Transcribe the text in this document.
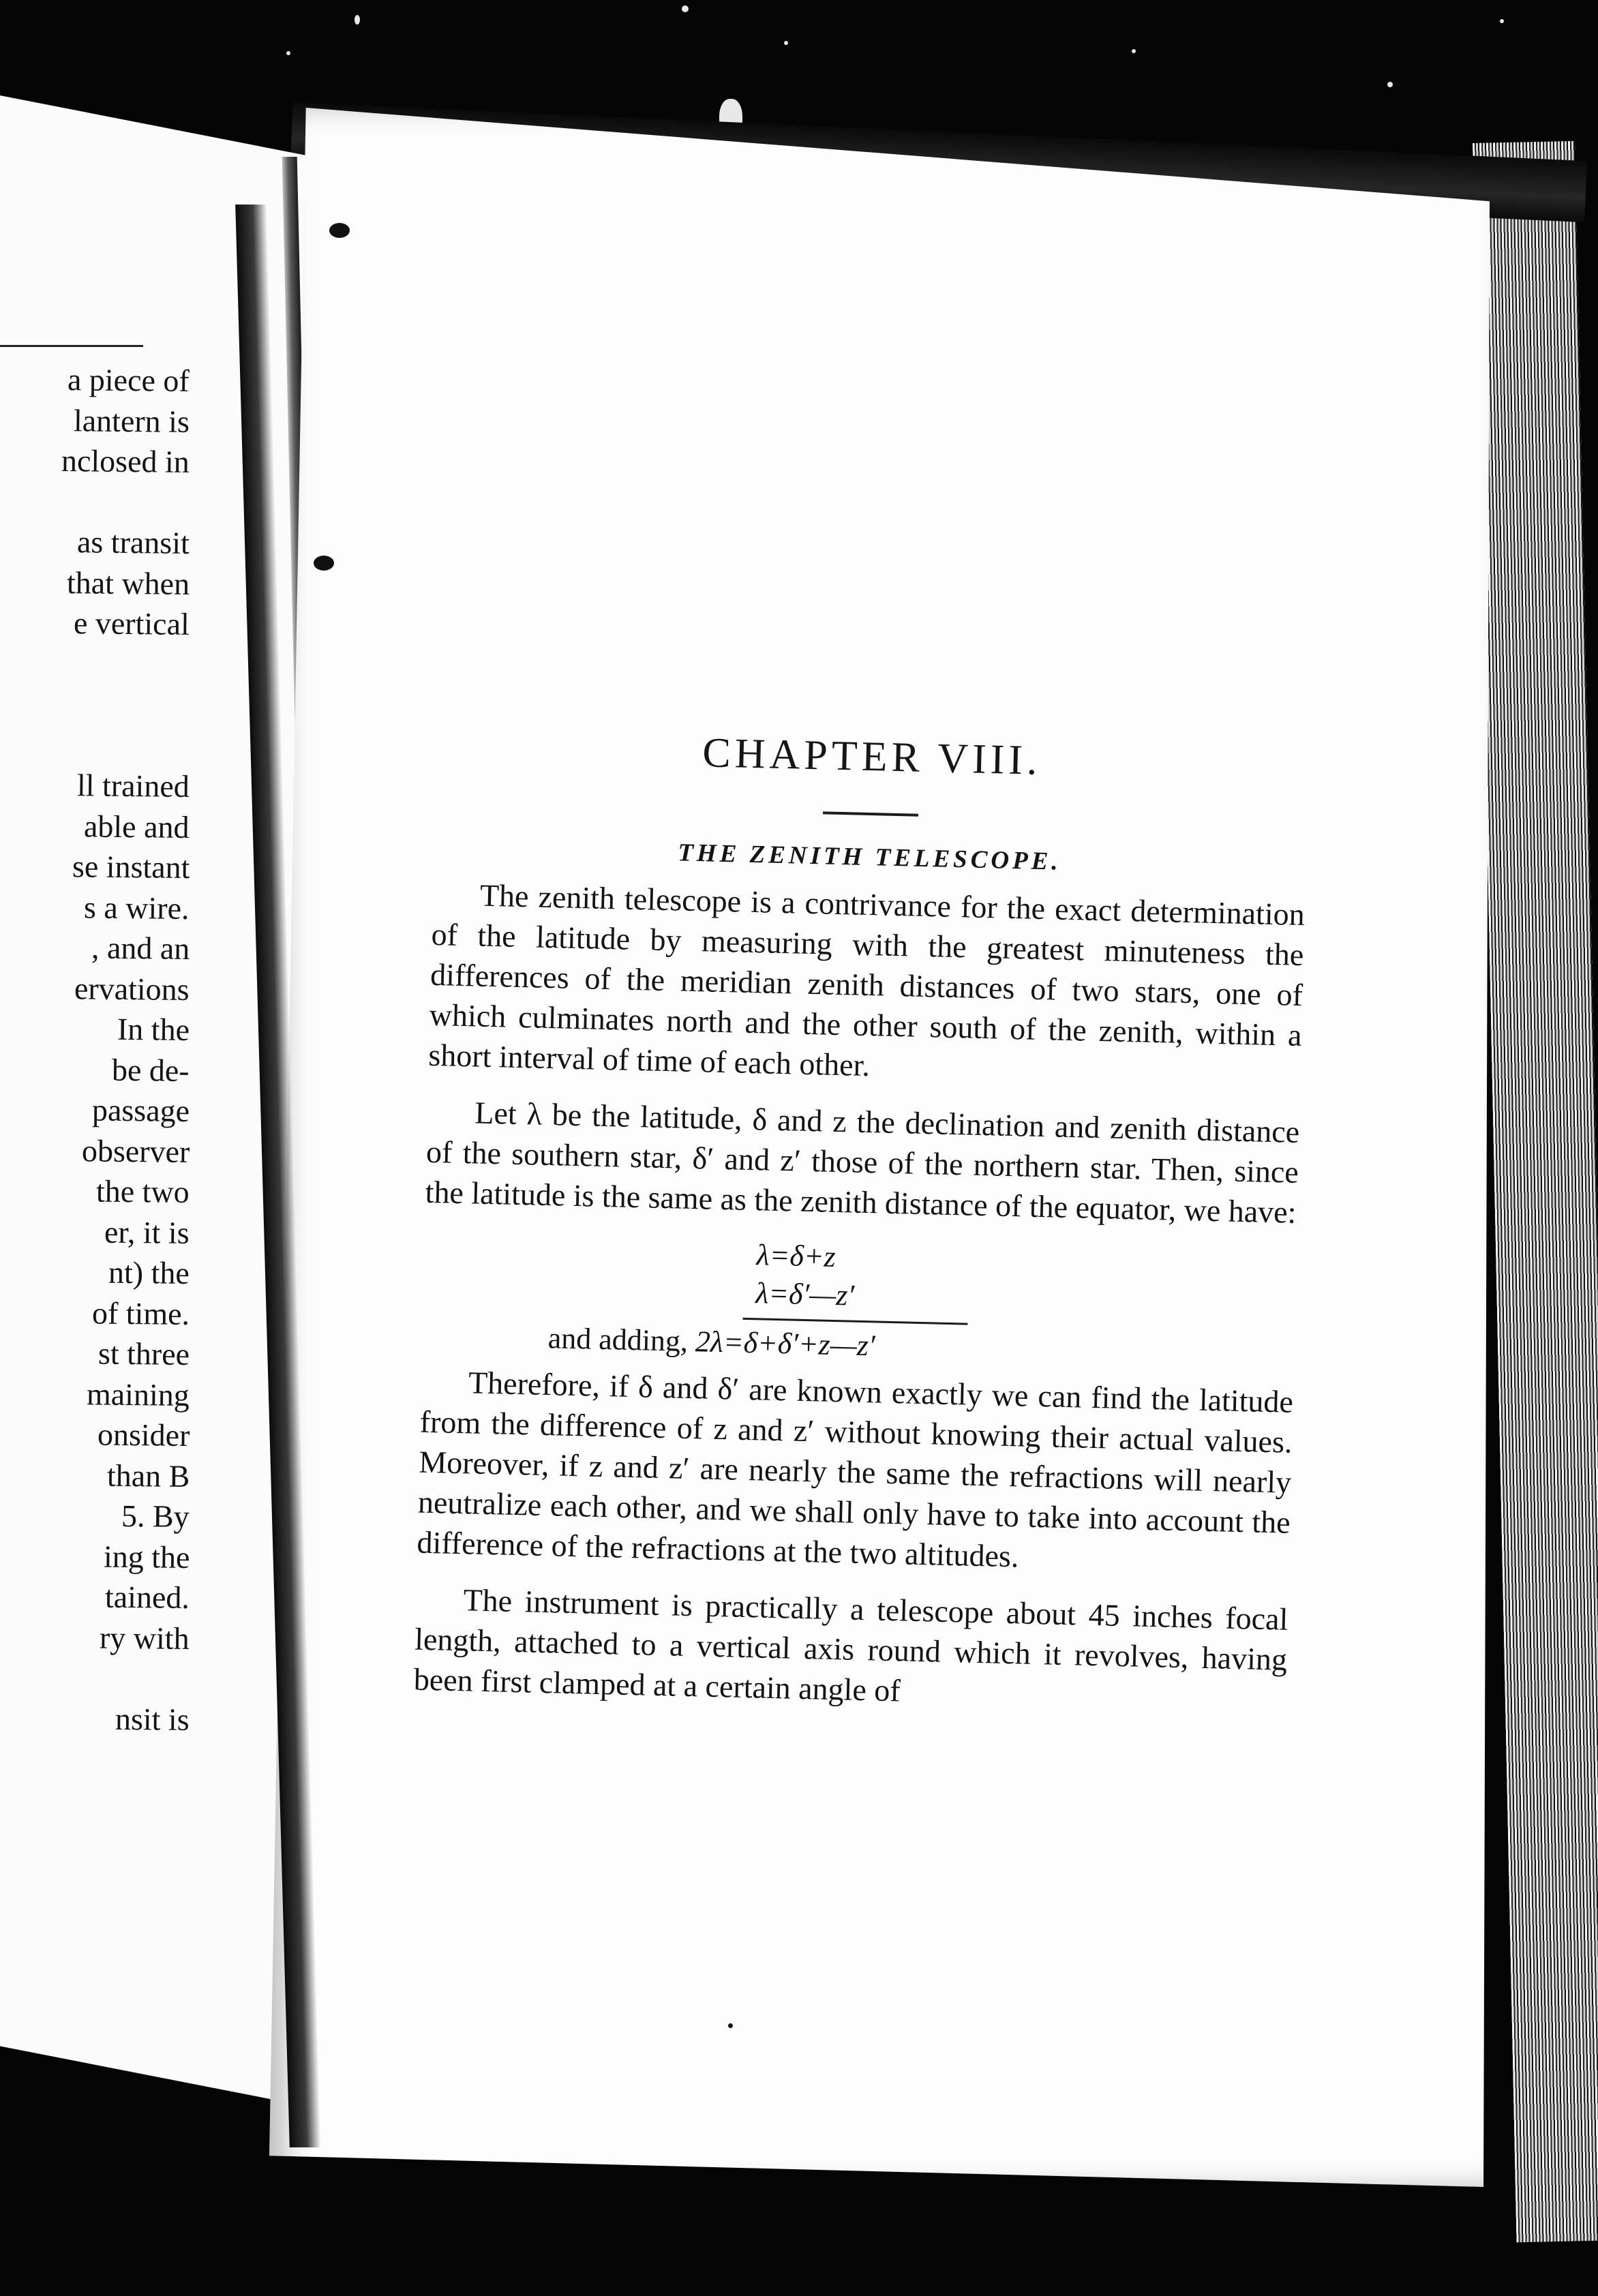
a piece of
lantern is
nclosed in
as transit
that when
e vertical
ll trained
able and
se instant
s a wire.
, and an
ervations
In the
be de-
passage
observer
the two
er, it is
nt) the
of time.
st three
maining
onsider
than B
5. By
ing the
tained.
ry with
nsit is
CHAPTER VIII.
THE ZENITH TELESCOPE.

The zenith telescope is a contrivance for the exact determination of the latitude by measuring with the greatest minuteness the differences of the meridian zenith distances of two stars, one of which culminates north and the other south of the zenith, within a short interval of time of each other.

Let λ be the latitude, δ and z the declination and zenith distance of the southern star, δ′ and z′ those of the northern star. Then, since the latitude is the same as the zenith distance of the equator, we have:

λ=δ+z
λ=δ′—z′
and adding, 2λ=δ+δ′+z—z′

Therefore, if δ and δ′ are known exactly we can find the latitude from the difference of z and z′ without knowing their actual values. Moreover, if z and z′ are nearly the same the refractions will nearly neutralize each other, and we shall only have to take into account the difference of the refractions at the two altitudes.

The instrument is practically a telescope about 45 inches focal length, attached to a vertical axis round which it revolves, having been first clamped at a certain angle of
